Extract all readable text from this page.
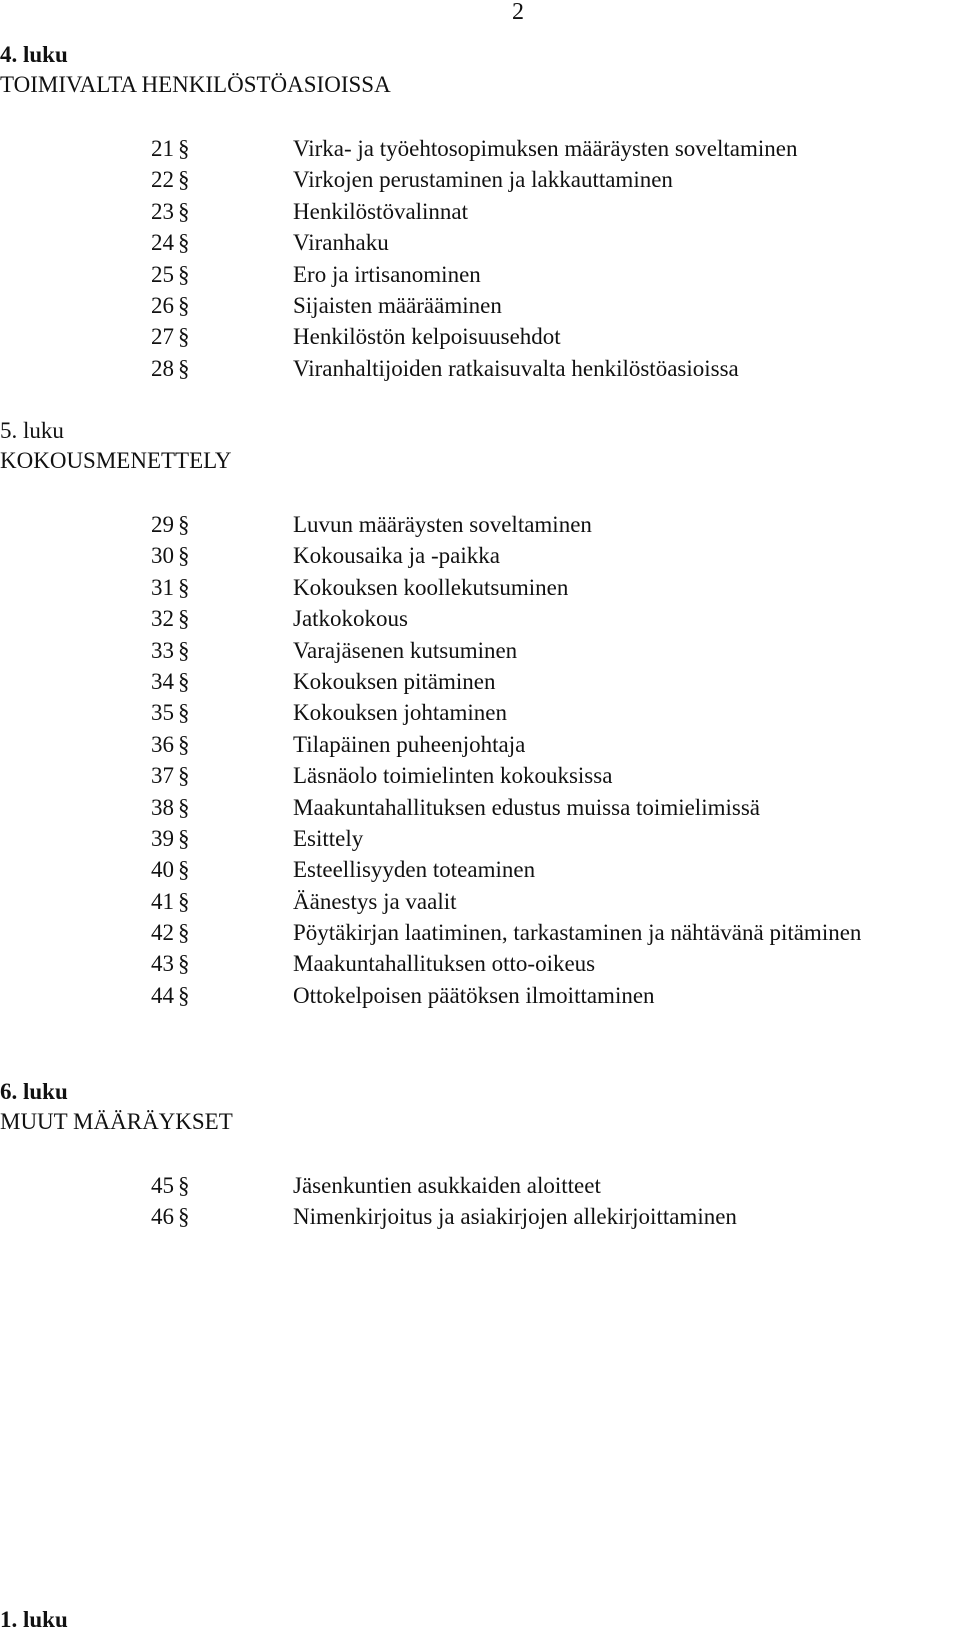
2
4. luku
TOIMIVALTA HENKILÖSTÖASIOISSA
21 §	Virka- ja työehtosopimuksen määräysten soveltaminen
22 §	Virkojen perustaminen ja lakkauttaminen
23 §	Henkilöstövalinnat
24 §	Viranhaku
25 §	Ero ja irtisanominen
26 §	Sijaisten määrääminen
27 §	Henkilöstön kelpoisuusehdot
28 §	Viranhaltijoiden ratkaisuvalta henkilöstöasioissa
5. luku
KOKOUSMENETTELY
29 §	Luvun määräysten soveltaminen
30 §	Kokousaika ja -paikka
31 §	Kokouksen koollekutsuminen
32 §	Jatkokokous
33 §	Varajäsenen kutsuminen
34 §	Kokouksen pitäminen
35 §	Kokouksen johtaminen
36 §	Tilapäinen puheenjohtaja
37 §	Läsnäolo toimielinten kokouksissa
38 §	Maakuntahallituksen edustus muissa toimielimissä
39 §	Esittely
40 §	Esteellisyyden toteaminen
41 §	Äänestys ja vaalit
42 §	Pöytäkirjan laatiminen, tarkastaminen ja nähtävänä pitäminen
43 §	Maakuntahallituksen otto-oikeus
44 §	Ottokelpoisen päätöksen ilmoittaminen
6. luku
MUUT MÄÄRÄYKSET
45 §	Jäsenkuntien asukkaiden aloitteet
46 §	Nimenkirjoitus ja asiakirjojen allekirjoittaminen
1. luku
